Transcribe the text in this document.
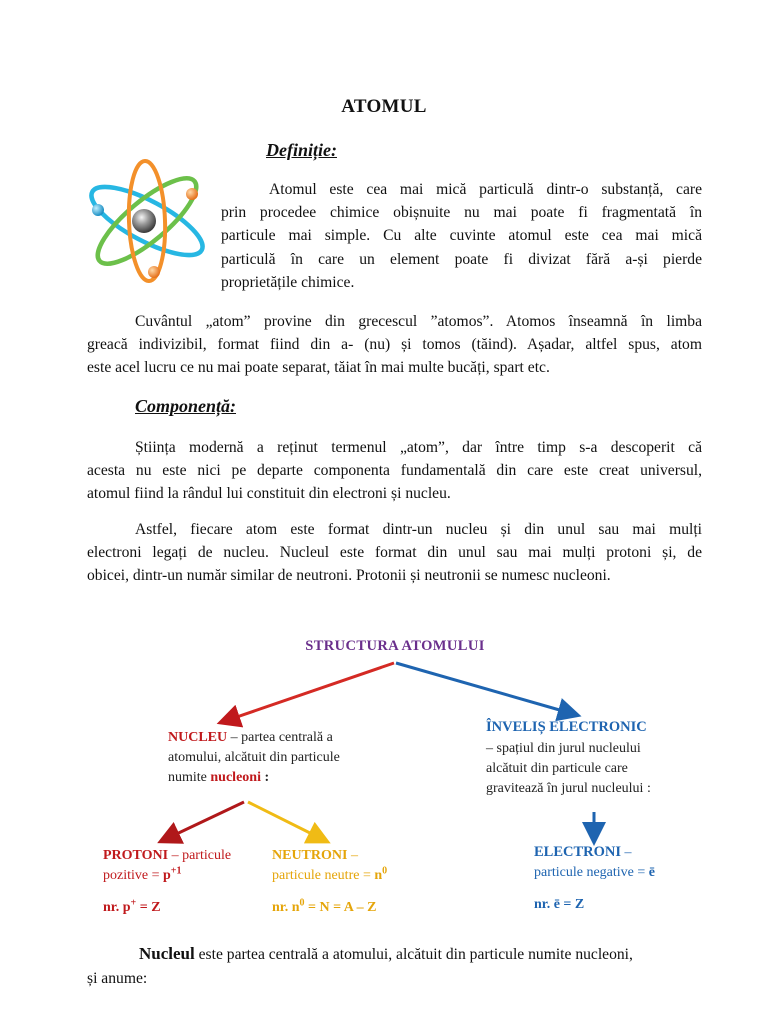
ATOMUL
Definiție:
Atomul este cea mai mică particulă dintr-o substanță, care
prin procedee chimice obișnuite nu mai poate fi fragmentată în
particule mai simple. Cu alte cuvinte atomul este cea mai mică
particulă în care un element poate fi divizat fără a-și pierde
proprietățile chimice.
Cuvântul „atom” provine din grecescul ”atomos”. Atomos înseamnă în limba
greacă indivizibil, format fiind din a- (nu) și tomos (tăind). Așadar, altfel spus, atom
este acel lucru ce nu mai poate separat, tăiat în mai multe bucăți, spart etc.
Componență:
Știința modernă a reținut termenul „atom”, dar între timp s-a descoperit că
acesta nu este nici pe departe componenta fundamentală din care este creat universul,
atomul fiind la rândul lui constituit din electroni și nucleu.
Astfel, fiecare atom este format dintr-un nucleu și din unul sau mai mulți
electroni legați de nucleu. Nucleul este format din unul sau mai mulți protoni și, de
obicei, dintr-un număr similar de neutroni. Protonii și neutronii se numesc nucleoni.
STRUCTURA ATOMULUI
NUCLEU – partea centrală a
atomului, alcătuit din particule
numite nucleoni :
ÎNVELIȘ ELECTRONIC
– spațiul din jurul nucleului
alcătuit din particule care
gravitează în jurul nucleului :
PROTONI – particule
pozitive = $p^{+1}$
nr. p+ = Z
NEUTRONI –
particule neutre = $n^0$
nr. $n^0 = N = A - Z$
ELECTRONI –
particule negative = ē
nr. ē = Z
Nucleul este partea centrală a atomului, alcătuit din particule numite nucleoni,
și anume:
